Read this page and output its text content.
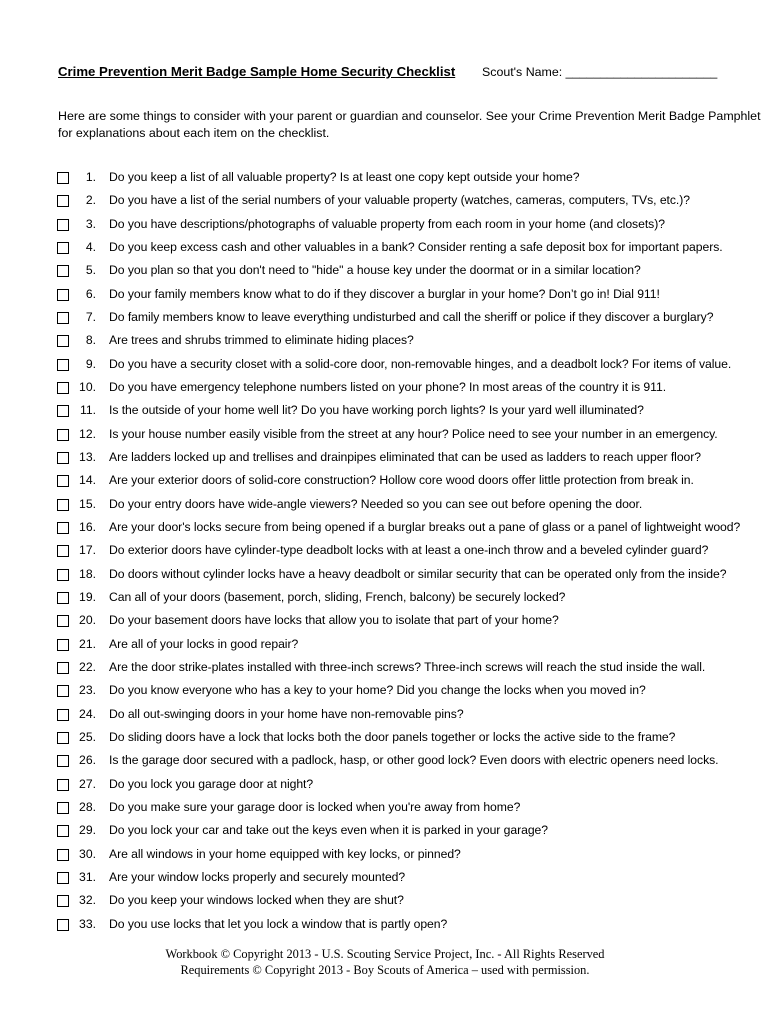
Crime Prevention Merit Badge Sample Home Security Checklist Scout's Name: ______________________
Here are some things to consider with your parent or guardian and counselor. See your Crime Prevention Merit Badge Pamphlet
for explanations about each item on the checklist.
1. Do you keep a list of all valuable property? Is at least one copy kept outside your home?
2. Do you have a list of the serial numbers of your valuable property (watches, cameras, computers, TVs, etc.)?
3. Do you have descriptions/photographs of valuable property from each room in your home (and closets)?
4. Do you keep excess cash and other valuables in a bank? Consider renting a safe deposit box for important papers.
5. Do you plan so that you don't need to "hide" a house key under the doormat or in a similar location?
6. Do your family members know what to do if they discover a burglar in your home? Don’t go in! Dial 911!
7. Do family members know to leave everything undisturbed and call the sheriff or police if they discover a burglary?
8. Are trees and shrubs trimmed to eliminate hiding places?
9. Do you have a security closet with a solid-core door, non-removable hinges, and a deadbolt lock? For items of value.
10. Do you have emergency telephone numbers listed on your phone? In most areas of the country it is 911.
11. Is the outside of your home well lit? Do you have working porch lights? Is your yard well illuminated?
12. Is your house number easily visible from the street at any hour? Police need to see your number in an emergency.
13. Are ladders locked up and trellises and drainpipes eliminated that can be used as ladders to reach upper floor?
14. Are your exterior doors of solid-core construction? Hollow core wood doors offer little protection from break in.
15. Do your entry doors have wide-angle viewers? Needed so you can see out before opening the door.
16. Are your door's locks secure from being opened if a burglar breaks out a pane of glass or a panel of lightweight wood?
17. Do exterior doors have cylinder-type deadbolt locks with at least a one-inch throw and a beveled cylinder guard?
18. Do doors without cylinder locks have a heavy deadbolt or similar security that can be operated only from the inside?
19. Can all of your doors (basement, porch, sliding, French, balcony) be securely locked?
20. Do your basement doors have locks that allow you to isolate that part of your home?
21. Are all of your locks in good repair?
22. Are the door strike-plates installed with three-inch screws? Three-inch screws will reach the stud inside the wall.
23. Do you know everyone who has a key to your home? Did you change the locks when you moved in?
24. Do all out-swinging doors in your home have non-removable pins?
25. Do sliding doors have a lock that locks both the door panels together or locks the active side to the frame?
26. Is the garage door secured with a padlock, hasp, or other good lock? Even doors with electric openers need locks.
27. Do you lock you garage door at night?
28. Do you make sure your garage door is locked when you're away from home?
29. Do you lock your car and take out the keys even when it is parked in your garage?
30. Are all windows in your home equipped with key locks, or pinned?
31. Are your window locks properly and securely mounted?
32. Do you keep your windows locked when they are shut?
33. Do you use locks that let you lock a window that is partly open?
Workbook © Copyright 2013 - U.S. Scouting Service Project, Inc. - All Rights Reserved
Requirements © Copyright 2013 - Boy Scouts of America – used with permission.
